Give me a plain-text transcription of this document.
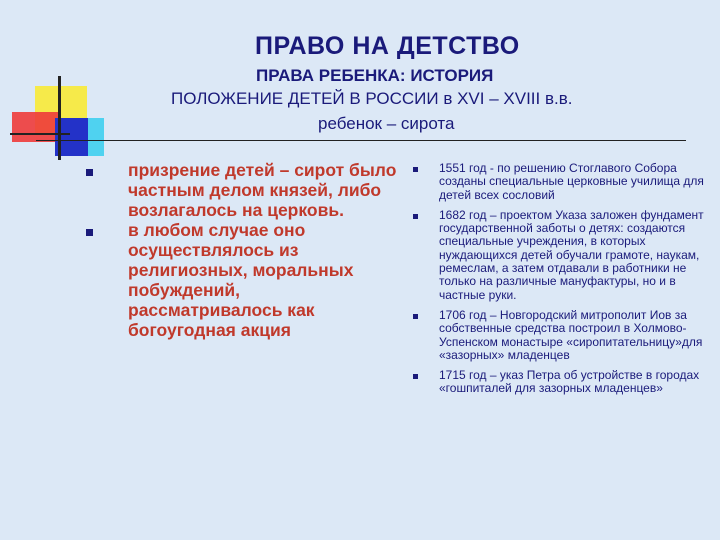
ПРАВО НА ДЕТСТВО
ПРАВА РЕБЕНКА: ИСТОРИЯ

ПОЛОЖЕНИЕ ДЕТЕЙ В РОССИИ в XVI – XVIII в.в.

ребенок – сирота

призрение детей – сирот было частным делом князей, либо возлагалось на церковь.
в любом случае оно осуществлялось из религиозных, моральных побуждений, рассматривалось как богоугодная акция
1551 год - по решению Стоглавого Собора созданы специальные церковные училища для детей всех сословий
1682 год – проектом Указа заложен фундамент государственной заботы о детях: создаются специальные учреждения, в которых нуждающихся детей обучали грамоте, наукам, ремеслам, а затем отдавали в работники не только на различные мануфактуры, но и в частные руки.
1706 год – Новгородский митрополит Иов за собственные средства построил в Холмово-Успенском монастыре «сиропитательницу»для «зазорных» младенцев
1715 год – указ Петра об устройстве в городах «гошпиталей для зазорных младенцев»
